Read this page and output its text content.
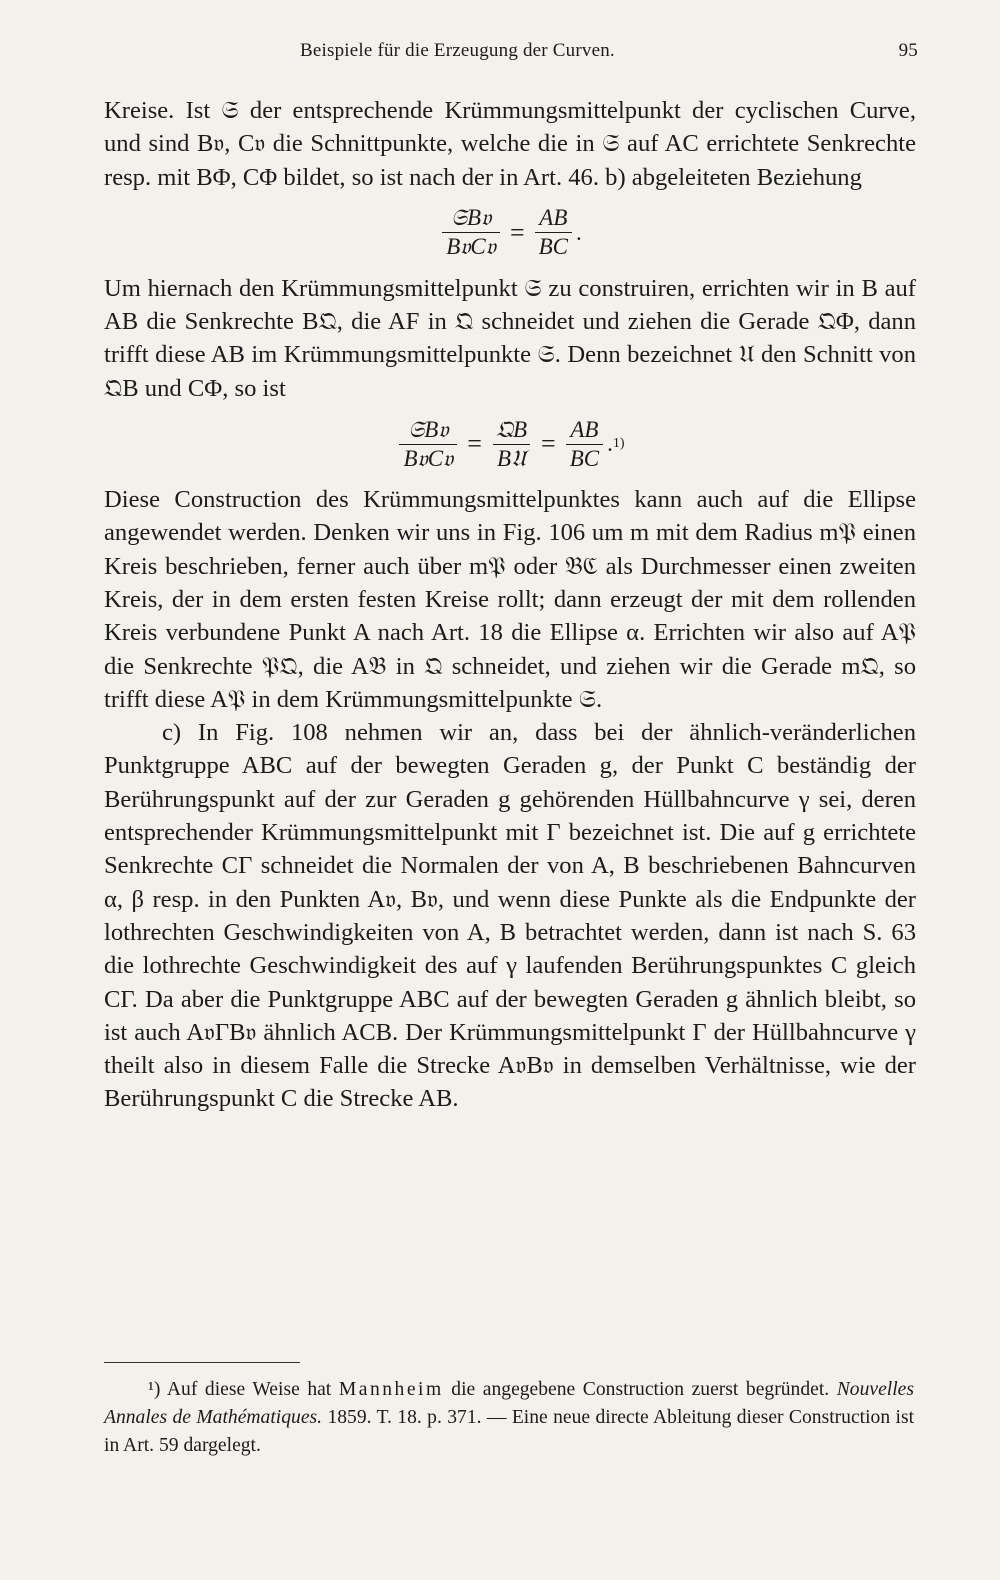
Beispiele für die Erzeugung der Curven.	95

Kreise. Ist 𝔖 der entsprechende Krümmungsmittelpunkt der cyclischen Curve, und sind B𝔳, C𝔳 die Schnittpunkte, welche die in 𝔖 auf AC errichtete Senkrechte resp. mit BΦ, CΦ bildet, so ist nach der in Art. 46. b) abgeleiteten Beziehung

$\frac{\text{𝔖B𝔳}}{\text{B𝔳C𝔳}} = \frac{AB}{BC}$ .

Um hiernach den Krümmungsmittelpunkt 𝔖 zu construiren, errichten wir in B auf AB die Senkrechte B𝔔, die AF in 𝔔 schneidet und ziehen die Gerade 𝔔Φ, dann trifft diese AB im Krümmungsmittelpunkte 𝔖. Denn bezeichnet 𝔘 den Schnitt von 𝔔B und CΦ, so ist

$\frac{\text{𝔖B𝔳}}{\text{B𝔳C𝔳}} = \frac{\text{𝔔B}}{\text{B𝔘}} = \frac{AB}{BC}$ . 1)

Diese Construction des Krümmungsmittelpunktes kann auch auf die Ellipse angewendet werden. Denken wir uns in Fig. 106 um m mit dem Radius m𝔓 einen Kreis beschrieben, ferner auch über m𝔓 oder 𝔅ℭ als Durchmesser einen zweiten Kreis, der in dem ersten festen Kreise rollt; dann erzeugt der mit dem rollenden Kreis verbundene Punkt A nach Art. 18 die Ellipse α. Errichten wir also auf A𝔓 die Senkrechte 𝔓𝔔, die A𝔅 in 𝔔 schneidet, und ziehen wir die Gerade m𝔔, so trifft diese A𝔓 in dem Krümmungsmittelpunkte 𝔖.

c) In Fig. 108 nehmen wir an, dass bei der ähnlich-veränderlichen Punktgruppe ABC auf der bewegten Geraden g, der Punkt C beständig der Berührungspunkt auf der zur Geraden g gehörenden Hüllbahncurve γ sei, deren entsprechender Krümmungsmittelpunkt mit Γ bezeichnet ist. Die auf g errichtete Senkrechte CΓ schneidet die Normalen der von A, B beschriebenen Bahncurven α, β resp. in den Punkten A𝔳, B𝔳, und wenn diese Punkte als die Endpunkte der lothrechten Geschwindigkeiten von A, B betrachtet werden, dann ist nach S. 63 die lothrechte Geschwindigkeit des auf γ laufenden Berührungspunktes C gleich CΓ. Da aber die Punktgruppe ABC auf der bewegten Geraden g ähnlich bleibt, so ist auch A𝔳ΓB𝔳 ähnlich ACB. Der Krümmungsmittelpunkt Γ der Hüllbahncurve γ theilt also in diesem Falle die Strecke A𝔳B𝔳 in demselben Verhältnisse, wie der Berührungspunkt C die Strecke AB.

¹) Auf diese Weise hat Mannheim die angegebene Construction zuerst begründet. Nouvelles Annales de Mathématiques. 1859. T. 18. p. 371. — Eine neue directe Ableitung dieser Construction ist in Art. 59 dargelegt.
